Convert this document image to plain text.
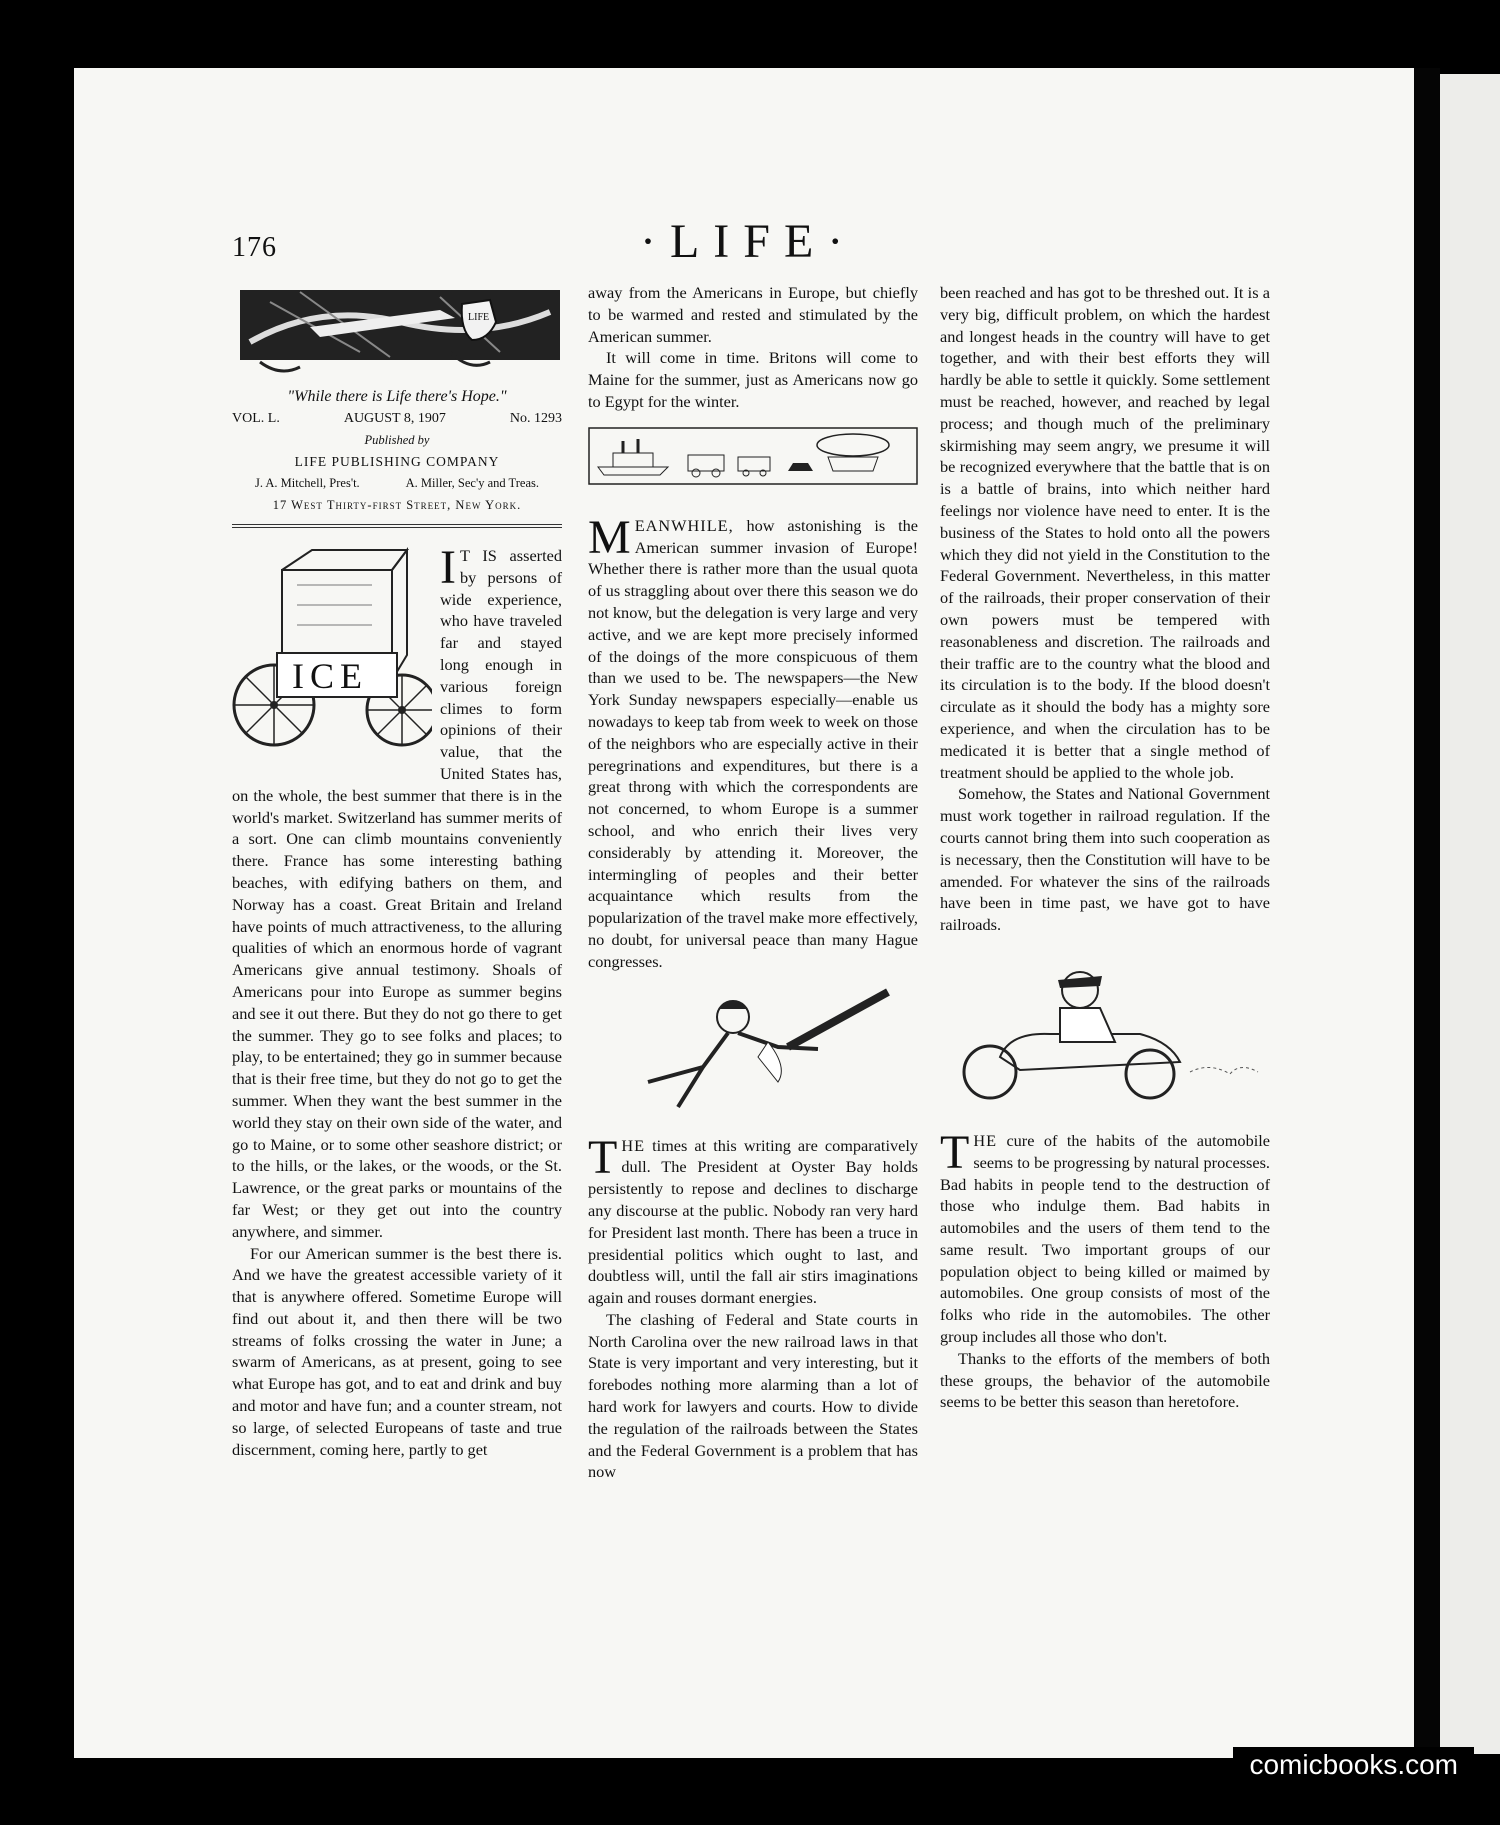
176	·LIFE·
LIFE
"While there is Life there's Hope."
VOL. L.	AUGUST 8, 1907	No. 1293
Published by
LIFE PUBLISHING COMPANY
J. A. Mitchell, Pres't.	A. Miller, Sec'y and Treas.
17 West Thirty-first Street, New York.
ICE

I T IS asserted by persons of wide experience, who have traveled far and stayed long enough in various foreign climes to form opinions of their value, that the United States has, on the whole, the best summer that there is in the world's market. Switzerland has summer merits of a sort. One can climb mountains conveniently there. France has some interesting bathing beaches, with edifying bathers on them, and Norway has a coast. Great Britain and Ireland have points of much attractiveness, to the alluring qualities of which an enormous horde of vagrant Americans give annual testimony. Shoals of Americans pour into Europe as summer begins and see it out there. But they do not go there to get the summer. They go to see folks and places; to play, to be entertained; they go in summer because that is their free time, but they do not go to get the summer. When they want the best summer in the world they stay on their own side of the water, and go to Maine, or to some other seashore district; or to the hills, or the lakes, or the woods, or the St. Lawrence, or the great parks or mountains of the far West; or they get out into the country anywhere, and simmer.

For our American summer is the best there is. And we have the greatest accessible variety of it that is anywhere offered. Sometime Europe will find out about it, and then there will be two streams of folks crossing the water in June; a swarm of Americans, as at present, going to see what Europe has got, and to eat and drink and buy and motor and have fun; and a counter stream, not so large, of selected Europeans of taste and true discernment, coming here, partly to get

away from the Americans in Europe, but chiefly to be warmed and rested and stimulated by the American summer.

It will come in time. Britons will come to Maine for the summer, just as Americans now go to Egypt for the winter.

MEANWHILE, how astonishing is the American summer invasion of Europe! Whether there is rather more than the usual quota of us straggling about over there this season we do not know, but the delegation is very large and very active, and we are kept more precisely informed of the doings of the more conspicuous of them than we used to be. The newspapers—the New York Sunday newspapers especially—enable us nowadays to keep tab from week to week on those of the neighbors who are especially active in their peregrinations and expenditures, but there is a great throng with which the correspondents are not concerned, to whom Europe is a summer school, and who enrich their lives very considerably by attending it. Moreover, the intermingling of peoples and their better acquaintance which results from the popularization of the travel make more effectively, no doubt, for universal peace than many Hague congresses.

THE times at this writing are comparatively dull. The President at Oyster Bay holds persistently to repose and declines to discharge any discourse at the public. Nobody ran very hard for President last month. There has been a truce in presidential politics which ought to last, and doubtless will, until the fall air stirs imaginations again and rouses dormant energies.

The clashing of Federal and State courts in North Carolina over the new railroad laws in that State is very important and very interesting, but it forebodes nothing more alarming than a lot of hard work for lawyers and courts. How to divide the regulation of the railroads between the States and the Federal Government is a problem that has now

been reached and has got to be threshed out. It is a very big, difficult problem, on which the hardest and longest heads in the country will have to get together, and with their best efforts they will hardly be able to settle it quickly. Some settlement must be reached, however, and reached by legal process; and though much of the preliminary skirmishing may seem angry, we presume it will be recognized everywhere that the battle that is on is a battle of brains, into which neither hard feelings nor violence have need to enter. It is the business of the States to hold onto all the powers which they did not yield in the Constitution to the Federal Government. Nevertheless, in this matter of the railroads, their proper conservation of their own powers must be tempered with reasonableness and discretion. The railroads and their traffic are to the country what the blood and its circulation is to the body. If the blood doesn't circulate as it should the body has a mighty sore experience, and when the circulation has to be medicated it is better that a single method of treatment should be applied to the whole job.

Somehow, the States and National Government must work together in railroad regulation. If the courts cannot bring them into such cooperation as is necessary, then the Constitution will have to be amended. For whatever the sins of the railroads have been in time past, we have got to have railroads.

THE cure of the habits of the automobile seems to be progressing by natural processes. Bad habits in people tend to the destruction of those who indulge them. Bad habits in automobiles and the users of them tend to the same result. Two important groups of our population object to being killed or maimed by automobiles. One group consists of most of the folks who ride in the automobiles. The other group includes all those who don't.

Thanks to the efforts of the members of both these groups, the behavior of the automobile seems to be better this season than heretofore.

comicbooks.com
